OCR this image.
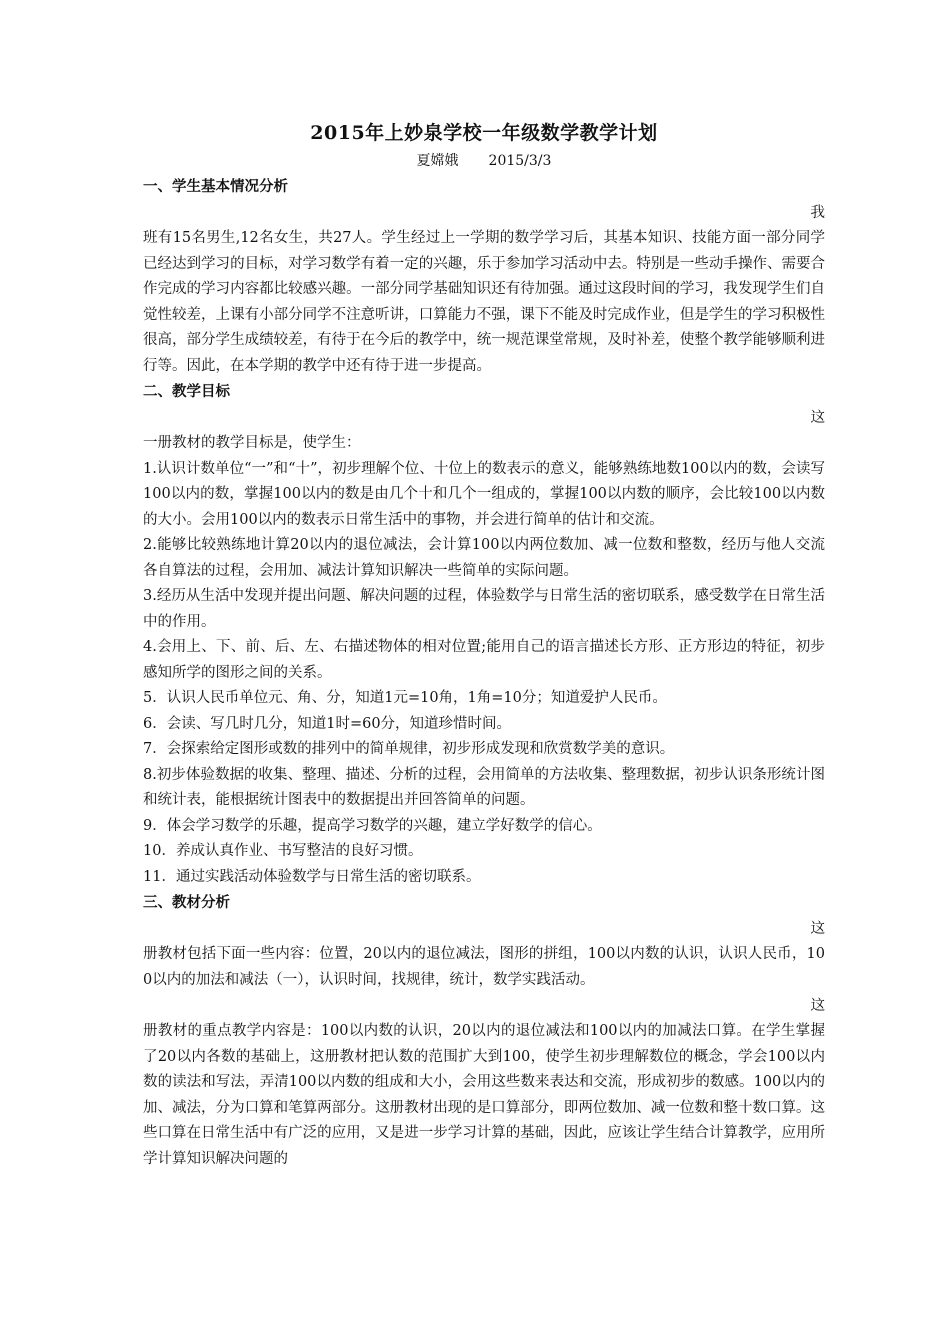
2015年上妙泉学校一年级数学教学计划

夏嫦娥 2015/3/3

一、学生基本情况分析

我

班有15名男生,12名女生，共27人。学生经过上一学期的数学学习后，其基本知识、技能方面一部分同学已经达到学习的目标，对学习数学有着一定的兴趣，乐于参加学习活动中去。特别是一些动手操作、需要合作完成的学习内容都比较感兴趣。一部分同学基础知识还有待加强。通过这段时间的学习，我发现学生们自觉性较差，上课有小部分同学不注意听讲，口算能力不强，课下不能及时完成作业，但是学生的学习积极性很高，部分学生成绩较差，有待于在今后的教学中，统一规范课堂常规，及时补差，使整个教学能够顺利进行等。因此，在本学期的教学中还有待于进一步提高。

二、教学目标

这

一册教材的教学目标是，使学生：

1.认识计数单位“一”和“十”，初步理解个位、十位上的数表示的意义，能够熟练地数100以内的数，会读写100以内的数，掌握100以内的数是由几个十和几个一组成的，掌握100以内数的顺序，会比较100以内数的大小。会用100以内的数表示日常生活中的事物，并会进行简单的估计和交流。

2.能够比较熟练地计算20以内的退位减法，会计算100以内两位数加、减一位数和整数，经历与他人交流各自算法的过程，会用加、减法计算知识解决一些简单的实际问题。

3.经历从生活中发现并提出问题、解决问题的过程，体验数学与日常生活的密切联系，感受数学在日常生活中的作用。

4.会用上、下、前、后、左、右描述物体的相对位置;能用自己的语言描述长方形、正方形边的特征，初步感知所学的图形之间的关系。

5．认识人民币单位元、角、分，知道1元=10角，1角=10分；知道爱护人民币。

6．会读、写几时几分，知道1时=60分，知道珍惜时间。

7．会探索给定图形或数的排列中的简单规律，初步形成发现和欣赏数学美的意识。

8.初步体验数据的收集、整理、描述、分析的过程，会用简单的方法收集、整理数据，初步认识条形统计图和统计表，能根据统计图表中的数据提出并回答简单的问题。

9．体会学习数学的乐趣，提高学习数学的兴趣，建立学好数学的信心。

10．养成认真作业、书写整洁的良好习惯。

11．通过实践活动体验数学与日常生活的密切联系。

三、教材分析

这

册教材包括下面一些内容：位置，20以内的退位减法，图形的拼组，100以内数的认识，认识人民币，100以内的加法和减法（一），认识时间，找规律，统计，数学实践活动。

这

册教材的重点教学内容是：100以内数的认识，20以内的退位减法和100以内的加减法口算。在学生掌握了20以内各数的基础上，这册教材把认数的范围扩大到100，使学生初步理解数位的概念，学会100以内数的读法和写法，弄清100以内数的组成和大小，会用这些数来表达和交流，形成初步的数感。100以内的加、减法，分为口算和笔算两部分。这册教材出现的是口算部分，即两位数加、减一位数和整十数口算。这些口算在日常生活中有广泛的应用，又是进一步学习计算的基础，因此，应该让学生结合计算教学，应用所学计算知识解决问题的
